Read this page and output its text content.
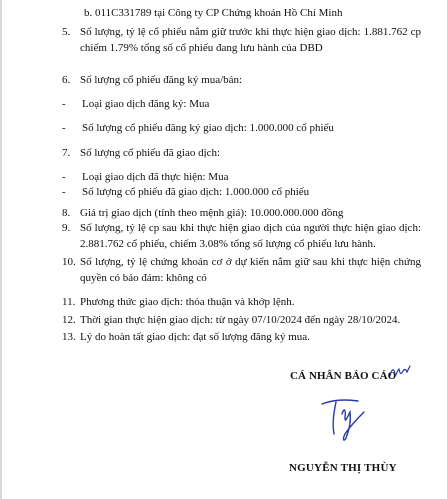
b. 011C331789 tại Công ty CP Chứng khoán Hồ Chí Minh
5. Số lượng, tỷ lệ cổ phiếu nắm giữ trước khi thực hiện giao dịch: 1.881.762 cp chiếm 1.79% tổng số cổ phiếu đang lưu hành của DBD
6. Số lượng cổ phiếu đăng ký mua/bán:
-	Loại giao dịch đăng ký: Mua
-	Số lượng cổ phiếu đăng ký giao dịch: 1.000.000 cổ phiếu
7. Số lượng cổ phiếu đã giao dịch:
-	Loại giao dịch đã thực hiện: Mua
-	Số lượng cổ phiếu đã giao dịch: 1.000.000 cổ phiếu
8. Giá trị giao dịch (tính theo mệnh giá): 10.000.000.000 đồng
9. Số lượng, tỷ lệ cp sau khi thực hiện giao dịch của người thực hiện giao dịch: 2.881.762 cổ phiếu, chiếm 3.08% tổng số lượng cổ phiếu lưu hành.
10. Số lượng, tỷ lệ chứng khoán cơ ở dự kiến nắm giữ sau khi thực hiện chứng quyền có bảo đảm: không có
11. Phương thức giao dịch: thỏa thuận và khớp lệnh.
12. Thời gian thực hiện giao dịch: từ ngày 07/10/2024 đến ngày 28/10/2024.
13. Lý do hoàn tất giao dịch: đạt số lượng đăng ký mua.
CÁ NHÂN BÁO CÁO
NGUYỄN THỊ THÙY
